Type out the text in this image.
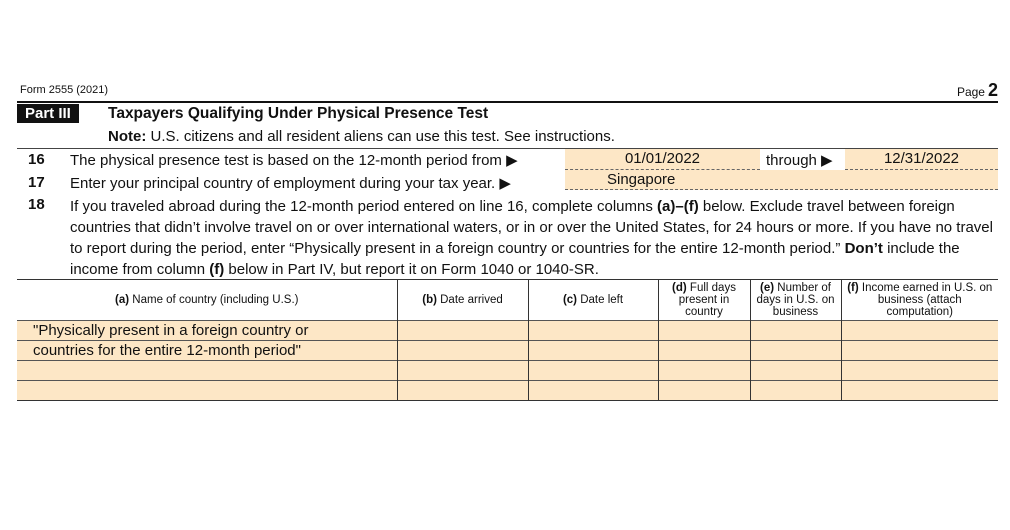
Form 2555 (2021)	Page 2
Part III	Taxpayers Qualifying Under Physical Presence Test
Note: U.S. citizens and all resident aliens can use this test. See instructions.
16 The physical presence test is based on the 12-month period from ▶	01/01/2022	through ▶	12/31/2022
17 Enter your principal country of employment during your tax year. ▶	Singapore
18 If you traveled abroad during the 12-month period entered on line 16, complete columns (a)–(f) below. Exclude travel between foreign countries that didn’t involve travel on or over international waters, or in or over the United States, for 24 hours or more. If you have no travel to report during the period, enter “Physically present in a foreign country or countries for the entire 12-month period.” Don’t include the income from column (f) below in Part IV, but report it on Form 1040 or 1040-SR.
(a) Name of country (including U.S.)	(b) Date arrived	(c) Date left	(d) Full days present in country	(e) Number of days in U.S. on business	(f) Income earned in U.S. on business (attach computation)
"Physically present in a foreign country or					
countries for the entire 12-month period"					
